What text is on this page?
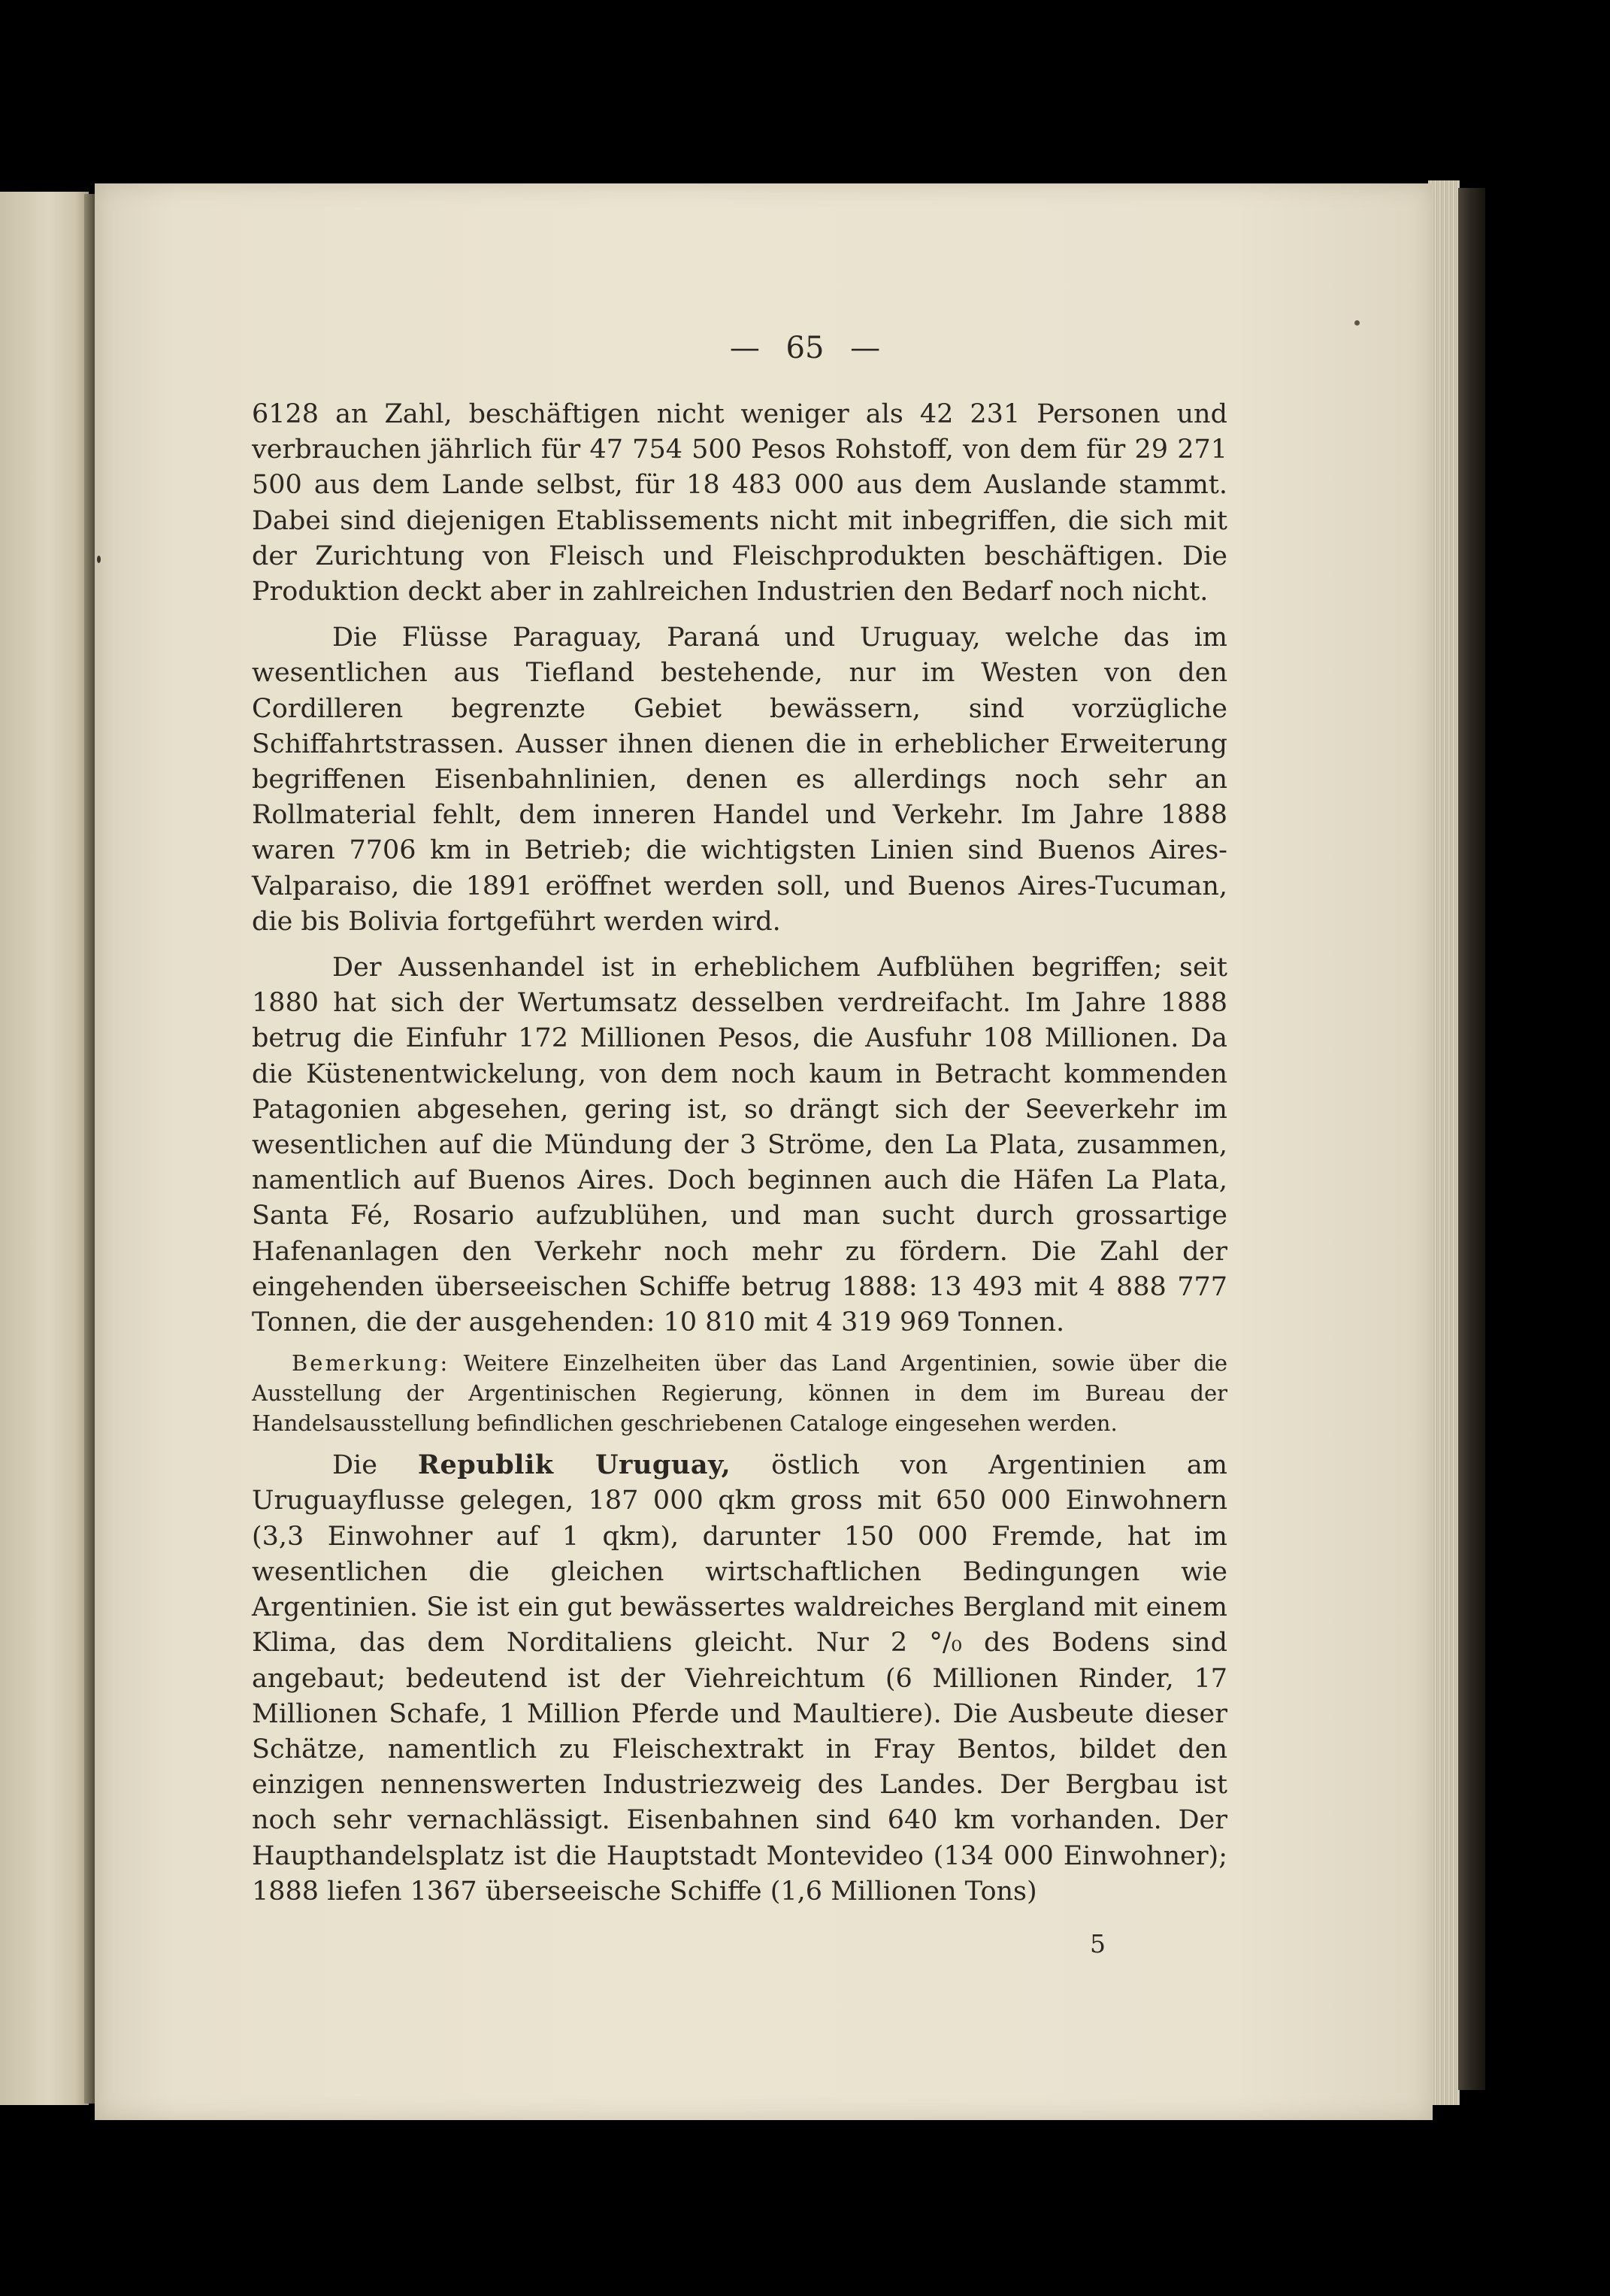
— 65 —

6128 an Zahl, beschäftigen nicht weniger als 42 231 Personen und verbrauchen jährlich für 47 754 500 Pesos Rohstoff, von dem für 29 271 500 aus dem Lande selbst, für 18 483 000 aus dem Auslande stammt. Dabei sind diejenigen Etablissements nicht mit inbegriffen, die sich mit der Zurichtung von Fleisch und Fleischprodukten beschäftigen. Die Produktion deckt aber in zahlreichen Industrien den Bedarf noch nicht.

Die Flüsse Paraguay, Paraná und Uruguay, welche das im wesentlichen aus Tiefland bestehende, nur im Westen von den Cordilleren begrenzte Gebiet bewässern, sind vorzügliche Schiffahrtstrassen. Ausser ihnen dienen die in erheblicher Erweiterung begriffenen Eisenbahnlinien, denen es allerdings noch sehr an Rollmaterial fehlt, dem inneren Handel und Verkehr. Im Jahre 1888 waren 7706 km in Betrieb; die wichtigsten Linien sind Buenos Aires-Valparaiso, die 1891 eröffnet werden soll, und Buenos Aires-Tucuman, die bis Bolivia fortgeführt werden wird.

Der Aussenhandel ist in erheblichem Aufblühen begriffen; seit 1880 hat sich der Wertumsatz desselben verdreifacht. Im Jahre 1888 betrug die Einfuhr 172 Millionen Pesos, die Ausfuhr 108 Millionen. Da die Küstenentwickelung, von dem noch kaum in Betracht kommenden Patagonien abgesehen, gering ist, so drängt sich der Seeverkehr im wesentlichen auf die Mündung der 3 Ströme, den La Plata, zusammen, namentlich auf Buenos Aires. Doch beginnen auch die Häfen La Plata, Santa Fé, Rosario aufzublühen, und man sucht durch grossartige Hafenanlagen den Verkehr noch mehr zu fördern. Die Zahl der eingehenden überseeischen Schiffe betrug 1888: 13 493 mit 4 888 777 Tonnen, die der ausgehenden: 10 810 mit 4 319 969 Tonnen.

Bemerkung: Weitere Einzelheiten über das Land Argentinien, sowie über die Ausstellung der Argentinischen Regierung, können in dem im Bureau der Handelsausstellung befindlichen geschriebenen Cataloge eingesehen werden.

Die Republik Uruguay, östlich von Argentinien am Uruguayflusse gelegen, 187 000 qkm gross mit 650 000 Einwohnern (3,3 Einwohner auf 1 qkm), darunter 150 000 Fremde, hat im wesentlichen die gleichen wirtschaftlichen Bedingungen wie Argentinien. Sie ist ein gut bewässertes waldreiches Bergland mit einem Klima, das dem Norditaliens gleicht. Nur 2 °/₀ des Bodens sind angebaut; bedeutend ist der Viehreichtum (6 Millionen Rinder, 17 Millionen Schafe, 1 Million Pferde und Maultiere). Die Ausbeute dieser Schätze, namentlich zu Fleischextrakt in Fray Bentos, bildet den einzigen nennenswerten Industriezweig des Landes. Der Bergbau ist noch sehr vernachlässigt. Eisenbahnen sind 640 km vorhanden. Der Haupthandelsplatz ist die Hauptstadt Montevideo (134 000 Einwohner); 1888 liefen 1367 überseeische Schiffe (1,6 Millionen Tons)

5
